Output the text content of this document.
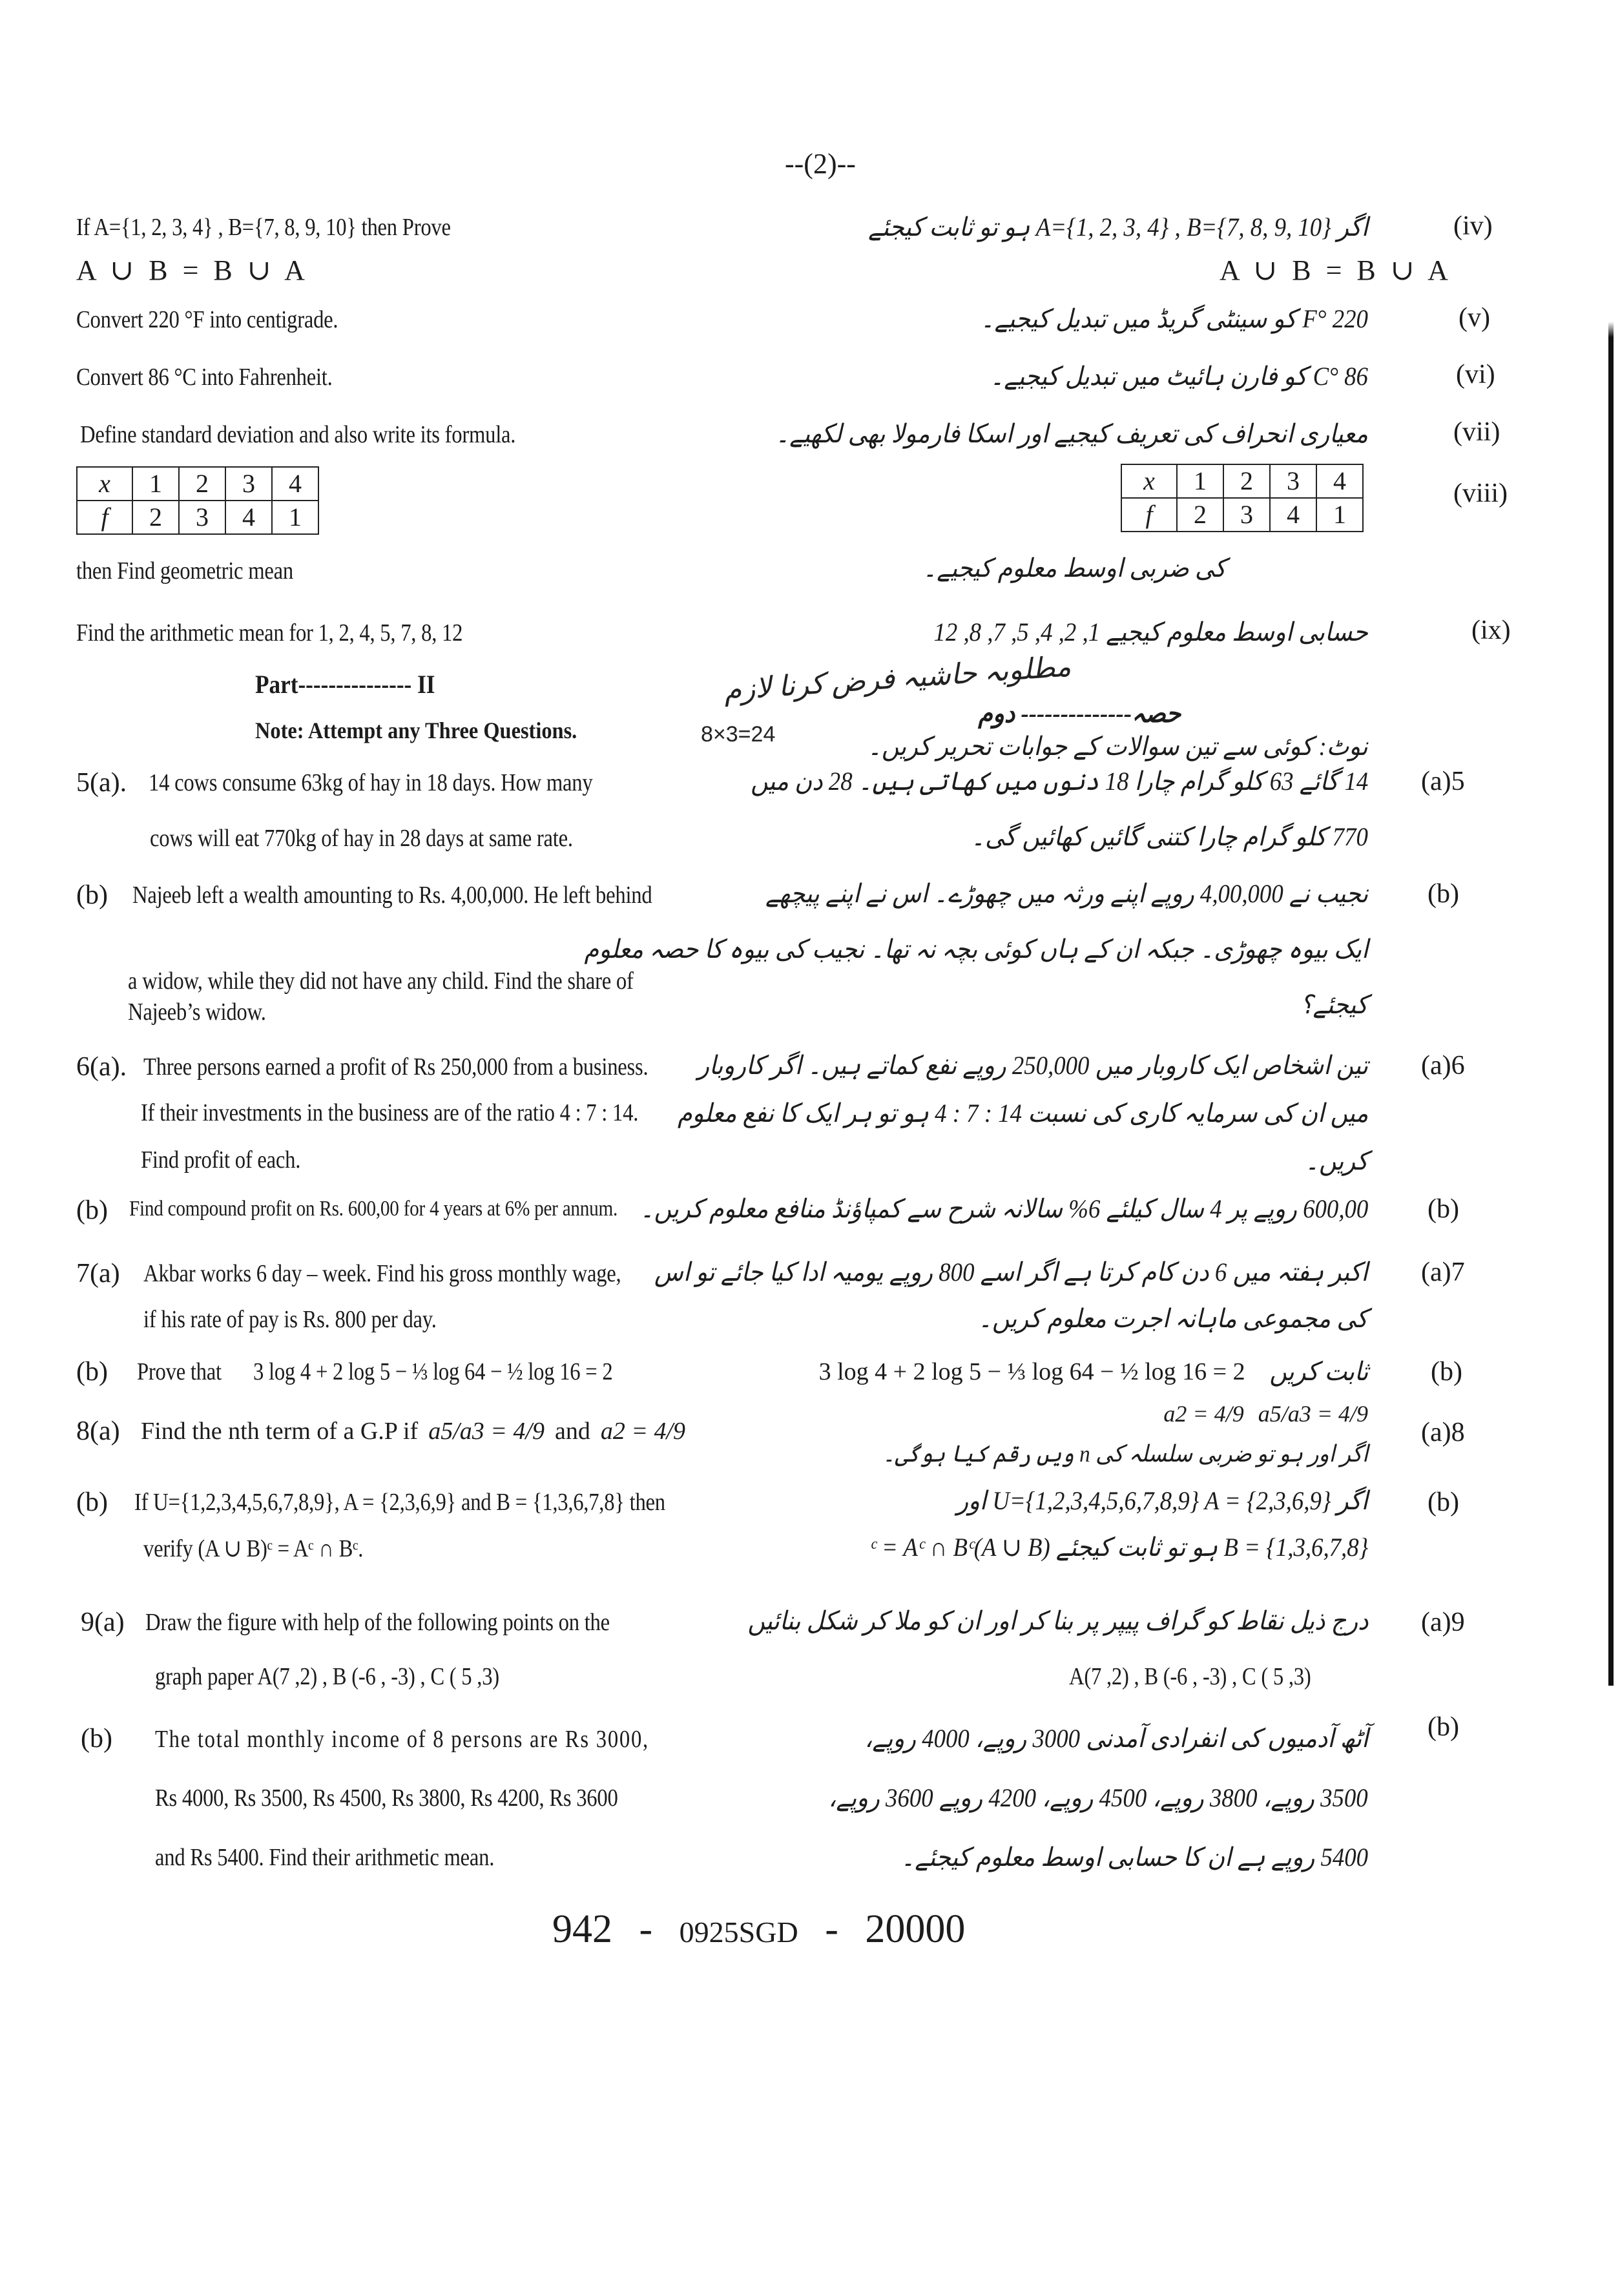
--(2)--
If A={1, 2, 3, 4} , B={7, 8, 9, 10} then Prove
A ∪ B = B ∪ A
اگر A={1, 2, 3, 4} , B={7, 8, 9, 10} ہو تو ثابت کیجئے
A ∪ B = B ∪ A
(iv)
Convert 220 °F into centigrade.	220 °F کو سینٹی گریڈ میں تبدیل کیجیے۔	(v)
Convert 86 °C into Fahrenheit.	86 °C کو فارن ہائیٹ میں تبدیل کیجیے۔	(vi)
Define standard deviation and also write its formula.	معیاری انحراف کی تعریف کیجیے اور اسکا فارمولا بھی لکھیے۔	(vii)
x	1	2	3	4
f	2	3	4	1
then Find geometric mean
x	1	2	3	4
f	2	3	4	1
(viii)
کی ضربی اوسط معلوم کیجیے۔
Find the arithmetic mean for 1, 2, 4, 5, 7, 8, 12	حسابی اوسط معلوم کیجیے 1, 2, 4, 5, 7, 8, 12	(ix)
Part--------------- II
Note: Attempt any Three Questions.
حصہ-------------- دوم
نوٹ: کوئی سے تین سوالات کے جوابات تحریر کریں۔
مطلوبہ حاشیہ فرض کرنا لازم
8×3=24
5(a). 14 cows consume 63kg of hay in 18 days. How many
cows will eat 770kg of hay in 28 days at same rate.
14 گائے 63 کلو گرام چارا 18 دنوں میں کھاتی ہیں۔ 28 دن میں
770 کلو گرام چارا کتنی گائیں کھائیں گی۔
(a)5
(b) Najeeb left a wealth amounting to Rs. 4,00,000. He left behind
a widow, while they did not have any child. Find the share of
Najeeb’s widow.
نجیب نے 4,00,000 روپے اپنے ورثہ میں چھوڑے۔ اس نے اپنے پیچھے
ایک بیوہ چھوڑی۔ جبکہ ان کے ہاں کوئی بچہ نہ تھا۔ نجیب کی بیوہ کا حصہ معلوم
کیجئے؟
(b)
6(a). Three persons earned a profit of Rs 250,000 from a business.
If their investments in the business are of the ratio 4 : 7 : 14.
Find profit of each.
تین اشخاص ایک کاروبار میں 250,000 روپے نفع کماتے ہیں۔ اگر کاروبار
میں ان کی سرمایہ کاری کی نسبت 14 : 7 : 4 ہو تو ہر ایک کا نفع معلوم
کریں۔
(a)6
(b) Find compound profit on Rs. 600,00 for 4 years at 6% per annum. 600,00 روپے پر 4 سال کیلئے 6% سالانہ شرح سے کمپاؤنڈ منافع معلوم کریں۔ (b)
7(a) Akbar works 6 day – week. Find his gross monthly wage,
if his rate of pay is Rs. 800 per day.
اکبر ہفتہ میں 6 دن کام کرتا ہے اگر اسے 800 روپے یومیہ ادا کیا جائے تو اس
کی مجموعی ماہانہ اجرت معلوم کریں۔
(a)7
(b) Prove that 3 log 4 + 2 log 5 − ⅓ log 64 − ½ log 16 = 2	ثابت کریں
3 log 4 + 2 log 5 − ⅓ log 64 − ½ log 16 = 2	(b)
8(a) Find the nth term of a G.P if a5/a3 = 4/9 and a2 = 4/9
a5/a3 = 4/9
a2 = 4/9
اگر اور ہو تو ضربی سلسلہ کی n ویں رقم کیا ہوگی۔
(a)8
(b) If U={1,2,3,4,5,6,7,8,9}, A = {2,3,6,9} and B = {1,3,6,7,8} then
verify (A ∪ B)ᶜ = Aᶜ ∩ Bᶜ.
اگر U={1,2,3,4,5,6,7,8,9} A = {2,3,6,9} اور
B = {1,3,6,7,8} ہو تو ثابت کیجئے (A ∪ B)ᶜ = Aᶜ ∩ Bᶜ
(b)
9(a) Draw the figure with help of the following points on the
graph paper A(7 ,2) , B (-6 , -3) , C ( 5 ,3)
درج ذیل نقاط کو گراف پیپر پر بنا کر اور ان کو ملا کر شکل بنائیں
A(7 ,2) , B (-6 , -3) , C ( 5 ,3)
(a)9
(b) The total monthly income of 8 persons are Rs 3000,
Rs 4000, Rs 3500, Rs 4500, Rs 3800, Rs 4200, Rs 3600
and Rs 5400. Find their arithmetic mean.
آٹھ آدمیوں کی انفرادی آمدنی 3000 روپے، 4000 روپے،
3500 روپے، 3800 روپے، 4500 روپے، 4200 روپے 3600 روپے،
5400 روپے ہے ان کا حسابی اوسط معلوم کیجئے۔
(b)
942 - 0925SGD - 20000
